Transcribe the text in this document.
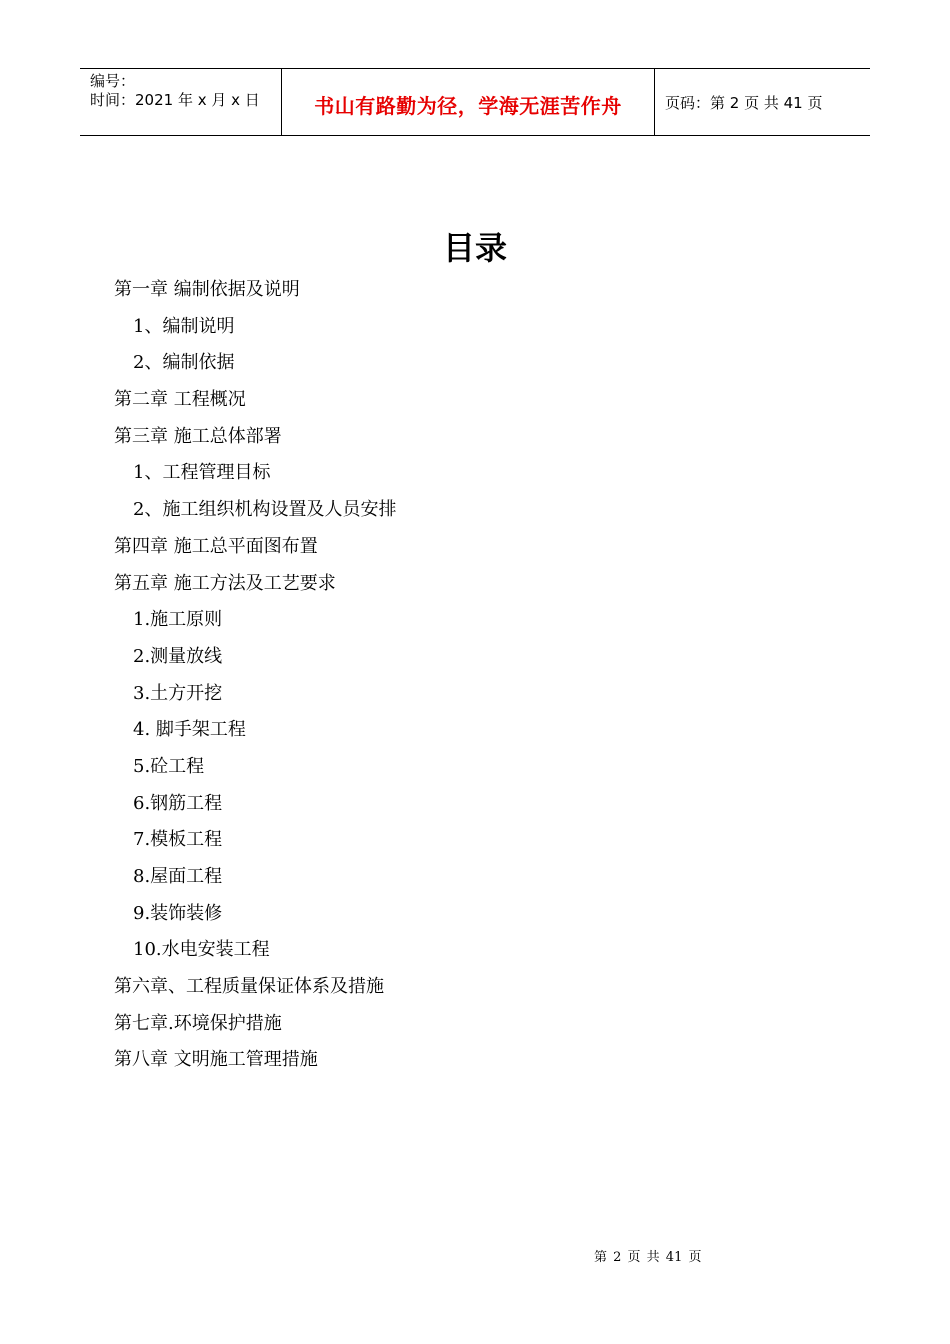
编号：
时间：2021 年 x 月 x 日	书山有路勤为径，学海无涯苦作舟	页码：第 2 页 共 41 页
目录
第一章 编制依据及说明
1、编制说明
2、编制依据
第二章 工程概况
第三章 施工总体部署
1、工程管理目标
2、施工组织机构设置及人员安排
第四章 施工总平面图布置
第五章 施工方法及工艺要求
1.施工原则
2.测量放线
3.土方开挖
4. 脚手架工程
5.砼工程
6.钢筋工程
7.模板工程
8.屋面工程
9.装饰装修
10.水电安装工程
第六章、工程质量保证体系及措施
第七章.环境保护措施
第八章 文明施工管理措施
第 2 页 共 41 页
